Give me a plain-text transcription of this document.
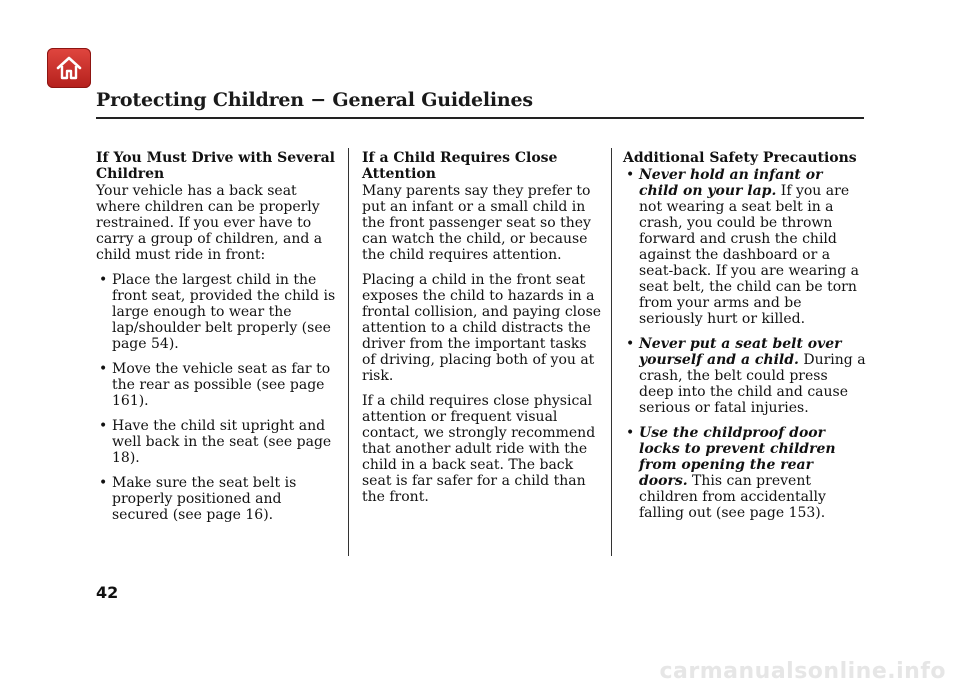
Protecting Children − General Guidelines
If You Must Drive with Several Children

Your vehicle has a back seat where children can be properly restrained. If you ever have to carry a group of children, and a child must ride in front:

• Place the largest child in the front seat, provided the child is large enough to wear the lap/shoulder belt properly (see page 54).
• Move the vehicle seat as far to the rear as possible (see page 161).
• Have the child sit upright and well back in the seat (see page 18).
• Make sure the seat belt is properly positioned and secured (see page 16).
If a Child Requires Close Attention

Many parents say they prefer to put an infant or a small child in the front passenger seat so they can watch the child, or because the child requires attention.

Placing a child in the front seat exposes the child to hazards in a frontal collision, and paying close attention to a child distracts the driver from the important tasks of driving, placing both of you at risk.

If a child requires close physical attention or frequent visual contact, we strongly recommend that another adult ride with the child in a back seat. The back seat is far safer for a child than the front.

Additional Safety Precautions
• Never hold an infant or child on your lap. If you are not wearing a seat belt in a crash, you could be thrown forward and crush the child against the dashboard or a seat-back. If you are wearing a seat belt, the child can be torn from your arms and be seriously hurt or killed.
• Never put a seat belt over yourself and a child. During a crash, the belt could press deep into the child and cause serious or fatal injuries.
• Use the childproof door locks to prevent children from opening the rear doors. This can prevent children from accidentally falling out (see page 153).
42
carmanualsonline.info
